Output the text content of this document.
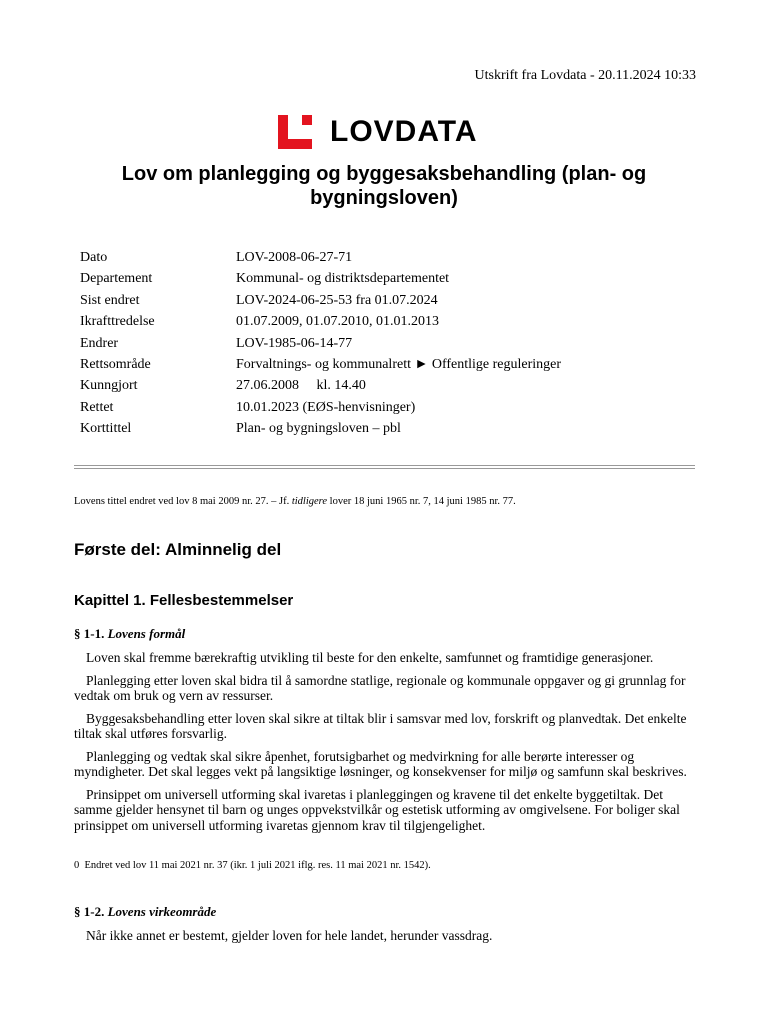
Utskrift fra Lovdata - 20.11.2024 10:33
LOVDATA
Lov om planlegging og byggesaksbehandling (plan- og bygningsloven)
Dato	LOV-2008-06-27-71
Departement	Kommunal- og distriktsdepartementet
Sist endret	LOV-2024-06-25-53 fra 01.07.2024
Ikrafttredelse	01.07.2009, 01.07.2010, 01.01.2013
Endrer	LOV-1985-06-14-77
Rettsområde	Forvaltnings- og kommunalrett ► Offentlige reguleringer
Kunngjort	27.06.2008     kl. 14.40
Rettet	10.01.2023 (EØS-henvisninger)
Korttittel	Plan- og bygningsloven – pbl
Lovens tittel endret ved lov 8 mai 2009 nr. 27. – Jf. tidligere lover 18 juni 1965 nr. 7, 14 juni 1985 nr. 77.
Første del: Alminnelig del
Kapittel 1. Fellesbestemmelser
§ 1-1. Lovens formål

Loven skal fremme bærekraftig utvikling til beste for den enkelte, samfunnet og framtidige generasjoner.

Planlegging etter loven skal bidra til å samordne statlige, regionale og kommunale oppgaver og gi grunnlag for vedtak om bruk og vern av ressurser.

Byggesaksbehandling etter loven skal sikre at tiltak blir i samsvar med lov, forskrift og planvedtak. Det enkelte tiltak skal utføres forsvarlig.

Planlegging og vedtak skal sikre åpenhet, forutsigbarhet og medvirkning for alle berørte interesser og myndigheter. Det skal legges vekt på langsiktige løsninger, og konsekvenser for miljø og samfunn skal beskrives.

Prinsippet om universell utforming skal ivaretas i planleggingen og kravene til det enkelte byggetiltak. Det samme gjelder hensynet til barn og unges oppvekstvilkår og estetisk utforming av omgivelsene. For boliger skal prinsippet om universell utforming ivaretas gjennom krav til tilgjengelighet.

0 Endret ved lov 11 mai 2021 nr. 37 (ikr. 1 juli 2021 iflg. res. 11 mai 2021 nr. 1542).
§ 1-2. Lovens virkeområde
Når ikke annet er bestemt, gjelder loven for hele landet, herunder vassdrag.
